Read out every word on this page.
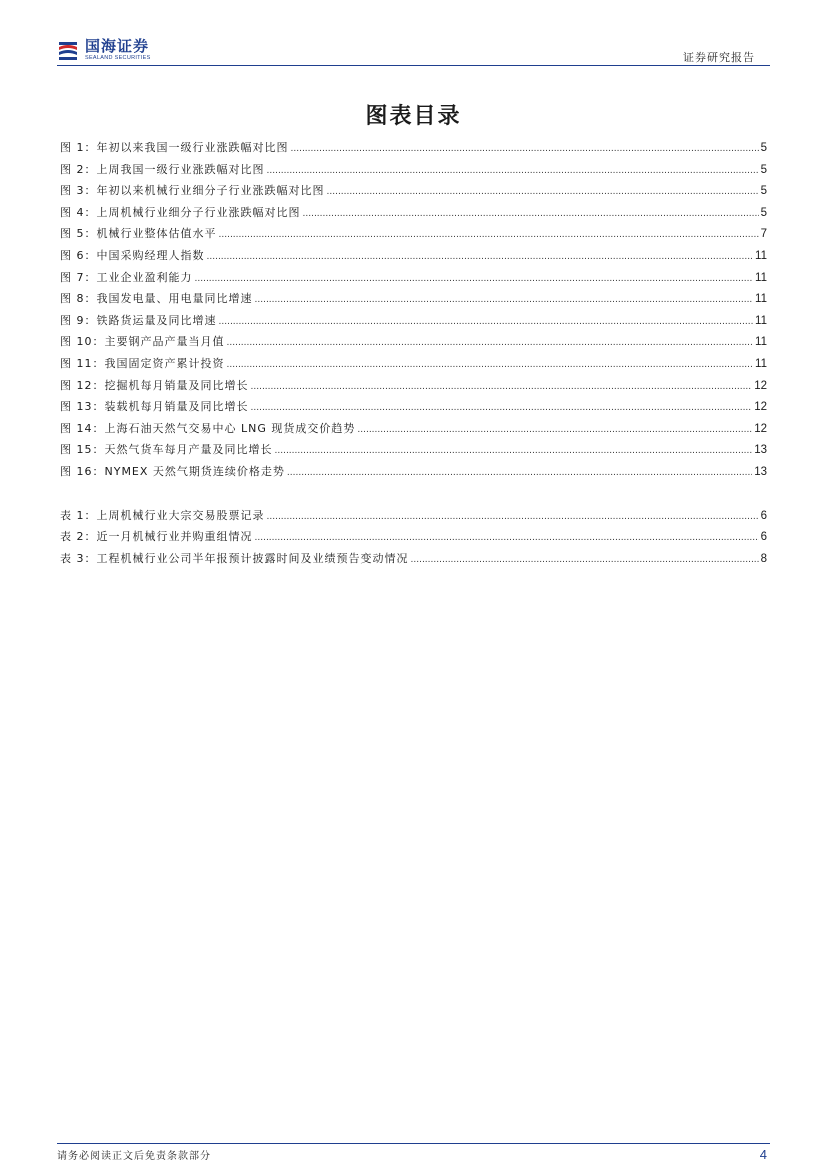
国海证券
SEALAND SECURITIES	证券研究报告
图表目录
图 1：年初以来我国一级行业涨跌幅对比图 .....	5
图 2：上周我国一级行业涨跌幅对比图 .....	5
图 3：年初以来机械行业细分子行业涨跌幅对比图 .....	5
图 4：上周机械行业细分子行业涨跌幅对比图 .....	5
图 5：机械行业整体估值水平 .....	7
图 6：中国采购经理人指数 .....	11
图 7：工业企业盈利能力 .....	11
图 8：我国发电量、用电量同比增速 .....	11
图 9：铁路货运量及同比增速 .....	11
图 10：主要钢产品产量当月值 .....	11
图 11：我国固定资产累计投资 .....	11
图 12：挖掘机每月销量及同比增长 .....	12
图 13：装载机每月销量及同比增长 .....	12
图 14：上海石油天然气交易中心 LNG 现货成交价趋势 .....	12
图 15：天然气货车每月产量及同比增长 .....	13
图 16：NYMEX 天然气期货连续价格走势 .....	13
表 1：上周机械行业大宗交易股票记录 .....	6
表 2：近一月机械行业并购重组情况 .....	6
表 3：工程机械行业公司半年报预计披露时间及业绩预告变动情况 .....	8
请务必阅读正文后免责条款部分	4
